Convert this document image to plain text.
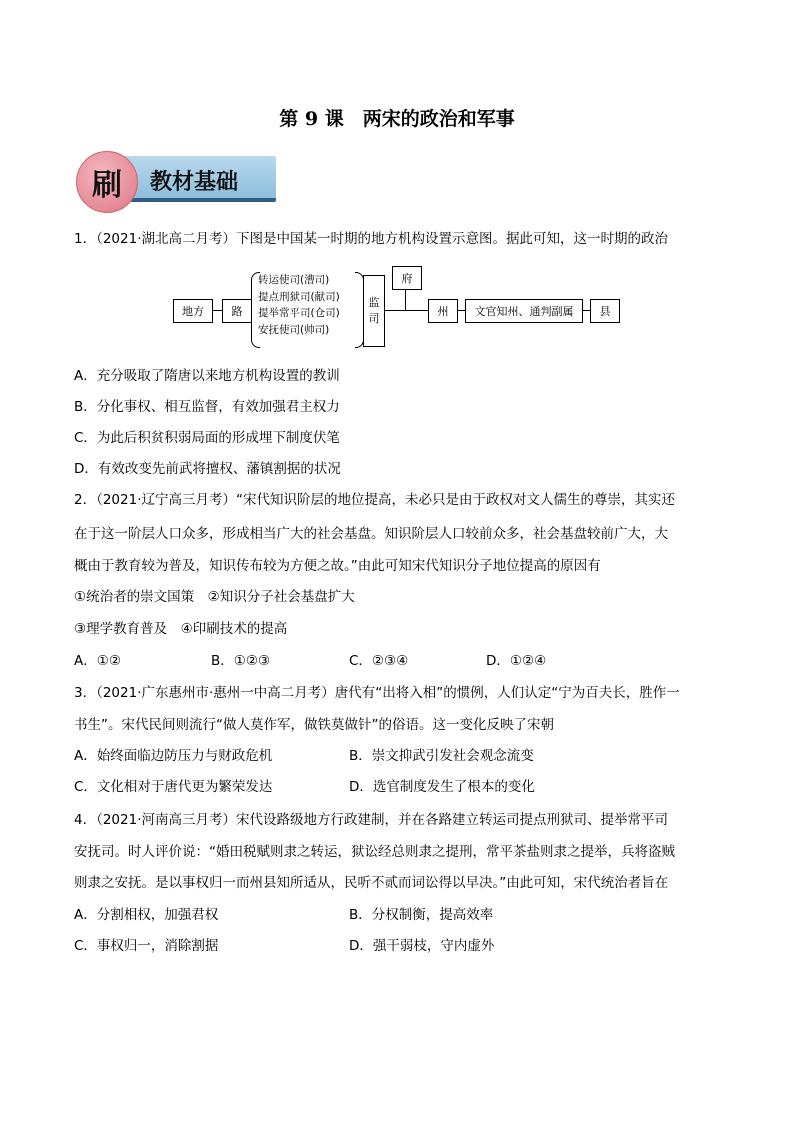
第 9 课　两宋的政治和军事
教材基础
刷
1．（2021·湖北高二月考）下图是中国某一时期的地方机构设置示意图。据此可知，这一时期的政治
地方	路
转运使司(漕司)
提点刑狱司(献司)
提举常平司(仓司)
安抚使司(帅司)
监
司
府
州	文官知州、通判副属	县
A．充分吸取了隋唐以来地方机构设置的教训
B．分化事权、相互监督，有效加强君主权力
C．为此后积贫积弱局面的形成埋下制度伏笔
D．有效改变先前武将擅权、藩镇割据的状况
2．（2021·辽宁高三月考）“宋代知识阶层的地位提高，未必只是由于政权对文人儒生的尊崇，其实还
在于这一阶层人口众多，形成相当广大的社会基盘。知识阶层人口较前众多，社会基盘较前广大，大
概由于教育较为普及，知识传布较为方便之故。”由此可知宋代知识分子地位提高的原因有
①统治者的崇文国策　②知识分子社会基盘扩大
③理学教育普及　④印刷技术的提高
A．①②	B．①②③	C．②③④	D．①②④
3．（2021·广东惠州市·惠州一中高二月考）唐代有“出将入相”的惯例，人们认定“宁为百夫长，胜作一
书生”。宋代民间则流行“做人莫作军，做铁莫做针”的俗语。这一变化反映了宋朝
A．始终面临边防压力与财政危机	B．崇文抑武引发社会观念流变
C．文化相对于唐代更为繁荣发达	D．选官制度发生了根本的变化
4．（2021·河南高三月考）宋代设路级地方行政建制，并在各路建立转运司提点刑狱司、提举常平司
安抚司。时人评价说：“婚田税赋则隶之转运，狱讼经总则隶之提刑，常平茶盐则隶之提举，兵将盗贼
则隶之安抚。是以事权归一而州县知所适从，民听不贰而词讼得以早决。”由此可知，宋代统治者旨在
A．分割相权，加强君权	B．分权制衡，提高效率
C．事权归一，消除割据	D．强干弱枝，守内虚外
